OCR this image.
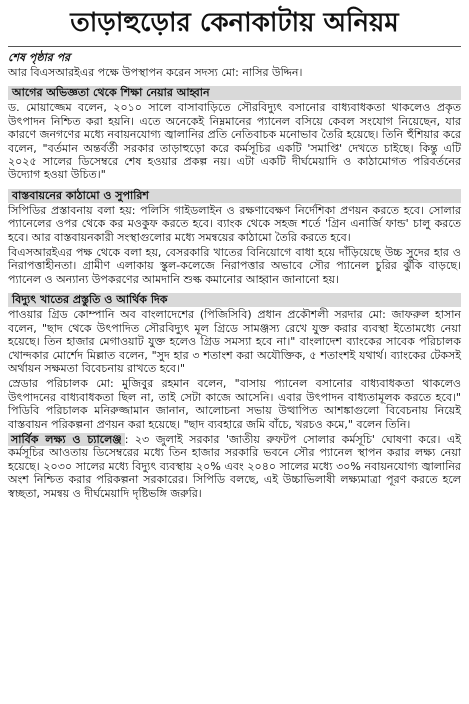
তাড়াহুড়োর কেনাকাটায় অনিয়ম
শেষ পৃষ্ঠার পর

আর বিএসআরইএর পক্ষে উপস্থাপন করেন সদস্য মো: নাসির উদ্দিন।

আগের অভিজ্ঞতা থেকে শিক্ষা নেয়ার আহ্বান

ড. মোয়াজ্জেম বলেন, ২০১০ সালে বাসাবাড়িতে সৌরবিদ্যুৎ বসানোর বাধ্যবাধকতা থাকলেও প্রকৃত উৎপাদন নিশ্চিত করা হয়নি। এতে অনেকেই নিম্নমানের প্যানেল বসিয়ে কেবল সংযোগ নিয়েছেন, যার কারণে জনগণের মধ্যে নবায়নযোগ্য জ্বালানির প্রতি নেতিবাচক মনোভাব তৈরি হয়েছে। তিনি হুঁশিয়ার করে বলেন, "বর্তমান অন্তর্বর্তী সরকার তাড়াহুড়ো করে কর্মসূচির একটি 'সমাপ্তি' দেখতে চাইছে। কিন্তু এটি ২০২৫ সালের ডিসেম্বরে শেষ হওয়ার প্রকল্প নয়। এটা একটি দীর্ঘমেয়াদি ও কাঠামোগত পরিবর্তনের উদ্যোগ হওয়া উচিত।"

বাস্তবায়নের কাঠামো ও সুপারিশ

সিপিডির প্রস্তাবনায় বলা হয়: পলিসি গাইডলাইন ও রক্ষণাবেক্ষণ নির্দেশিকা প্রণয়ন করতে হবে। সোলার প্যানেলের ওপর থেকে কর মওকুফ করতে হবে। ব্যাংক থেকে সহজ শর্তে 'গ্রিন এনার্জি ফান্ড' চালু করতে হবে। আর বাস্তবায়নকারী সংস্থাগুলোর মধ্যে সমন্বয়ের কাঠামো তৈরি করতে হবে।

বিএসআরইএর পক্ষ থেকে বলা হয়, বেসরকারি খাতের বিনিয়োগে বাধা হয়ে দাঁড়িয়েছে উচ্চ সুদের হার ও নিরাপত্তাহীনতা। গ্রামীণ এলাকায় স্কুল-কলেজে নিরাপত্তার অভাবে সৌর প্যানেল চুরির ঝুঁকি বাড়ছে। প্যানেল ও অন্যান্য উপকরণের আমদানি শুল্ক কমানোর আহ্বান জানানো হয়।

বিদ্যুৎ খাতের প্রস্তুতি ও আর্থিক দিক

পাওয়ার গ্রিড কোম্পানি অব বাংলাদেশের (পিজিসিবি) প্রধান প্রকৌশলী সরদার মো: জাফরুল হাসান বলেন, "ছাদ থেকে উৎপাদিত সৌরবিদ্যুৎ মূল গ্রিডে সামঞ্জস্য রেখে যুক্ত করার ব্যবস্থা ইতোমধ্যে নেয়া হয়েছে। তিন হাজার মেগাওয়াট যুক্ত হলেও গ্রিড সমস্যা হবে না।" বাংলাদেশ ব্যাংকের সাবেক পরিচালক খোন্দকার মোর্শেদ মিল্লাত বলেন, "সুদ হার ৩ শতাংশ করা অযৌক্তিক, ৫ শতাংশই যথার্থ। ব্যাংকের টেকসই অর্থায়ন সক্ষমতা বিবেচনায় রাখতে হবে।"

স্রেডার পরিচালক মো: মুজিবুর রহমান বলেন, "বাসায় প্যানেল বসানোর বাধ্যবাধকতা থাকলেও উৎপাদনের বাধ্যবাধকতা ছিল না, তাই সেটা কাজে আসেনি। এবার উৎপাদন বাধ্যতামূলক করতে হবে।" পিডিবি পরিচালক মনিরুজ্জামান জানান, আলোচনা সভায় উত্থাপিত আশঙ্কাগুলো বিবেচনায় নিয়েই বাস্তবায়ন পরিকল্পনা প্রণয়ন করা হয়েছে। "ছাদ ব্যবহারে জমি বাঁচে, খরচও কমে," বলেন তিনি।

সার্বিক লক্ষ্য ও চ্যালেঞ্জ : ২৩ জুলাই সরকার 'জাতীয় রুফটপ সোলার কর্মসূচি' ঘোষণা করে। এই কর্মসূচির আওতায় ডিসেম্বরের মধ্যে তিন হাজার সরকারি ভবনে সৌর প্যানেল স্থাপন করার লক্ষ্য নেয়া হয়েছে। ২০৩০ সালের মধ্যে বিদ্যুৎ ব্যবস্থায় ২০% এবং ২০৪০ সালের মধ্যে ৩০% নবায়নযোগ্য জ্বালানির অংশ নিশ্চিত করার পরিকল্পনা সরকারের। সিপিডি বলছে, এই উচ্চাভিলাষী লক্ষ্যমাত্রা পূরণ করতে হলে স্বচ্ছতা, সমন্বয় ও দীর্ঘমেয়াদি দৃষ্টিভঙ্গি জরুরি।
